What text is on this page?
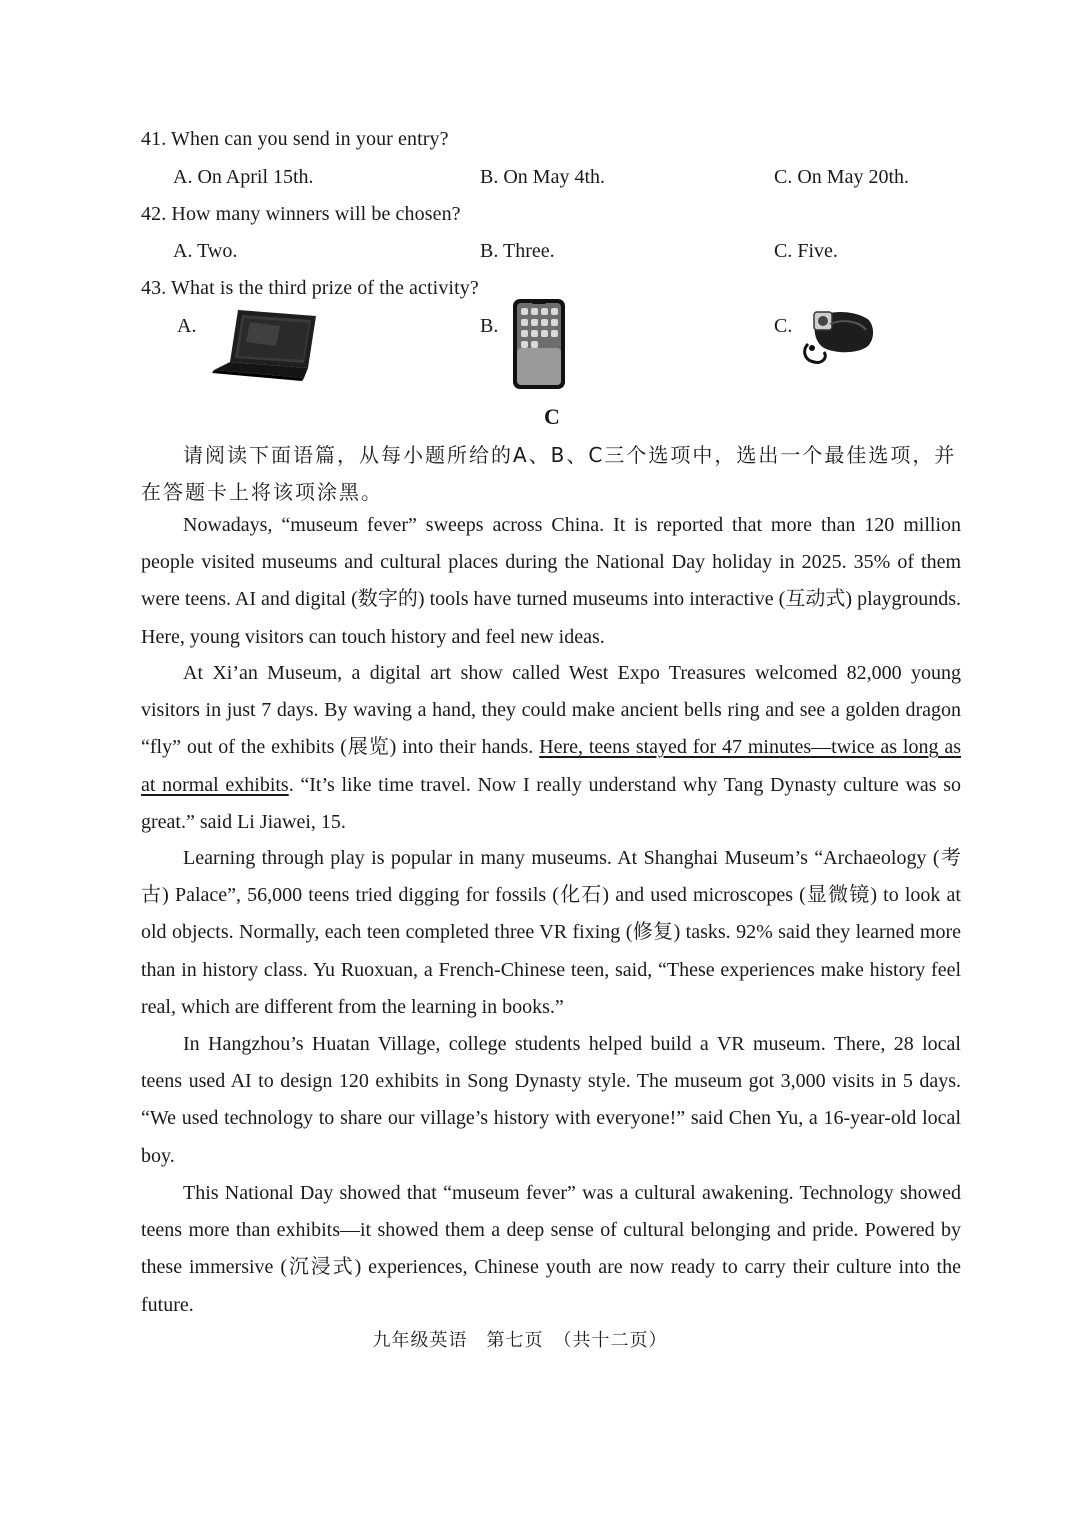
41. When can you send in your entry?
A. On April 15th.	B. On May 4th.	C. On May 20th.
42. How many winners will be chosen?
A. Two.	B. Three.	C. Five.
43. What is the third prize of the activity?
A.	B.	C.
C
请阅读下面语篇，从每小题所给的A、B、C三个选项中，选出一个最佳选项，并在答题卡上将该项涂黑。
Nowadays, “museum fever” sweeps across China. It is reported that more than 120 million people visited museums and cultural places during the National Day holiday in 2025. 35% of them were teens. AI and digital (数字的) tools have turned museums into interactive (互动式) playgrounds. Here, young visitors can touch history and feel new ideas.
At Xi’an Museum, a digital art show called West Expo Treasures welcomed 82,000 young visitors in just 7 days. By waving a hand, they could make ancient bells ring and see a golden dragon “fly” out of the exhibits (展览) into their hands. Here, teens stayed for 47 minutes—twice as long as at normal exhibits. “It’s like time travel. Now I really understand why Tang Dynasty culture was so great.” said Li Jiawei, 15.
Learning through play is popular in many museums. At Shanghai Museum’s “Archaeology (考古) Palace”, 56,000 teens tried digging for fossils (化石) and used microscopes (显微镜) to look at old objects. Normally, each teen completed three VR fixing (修复) tasks. 92% said they learned more than in history class. Yu Ruoxuan, a French-Chinese teen, said, “These experiences make history feel real, which are different from the learning in books.”
In Hangzhou’s Huatan Village, college students helped build a VR museum. There, 28 local teens used AI to design 120 exhibits in Song Dynasty style. The museum got 3,000 visits in 5 days. “We used technology to share our village’s history with everyone!” said Chen Yu, a 16-year-old local boy.
This National Day showed that “museum fever” was a cultural awakening. Technology showed teens more than exhibits—it showed them a deep sense of cultural belonging and pride. Powered by these immersive (沉浸式) experiences, Chinese youth are now ready to carry their culture into the future.
九年级英语　第七页　（共十二页）
